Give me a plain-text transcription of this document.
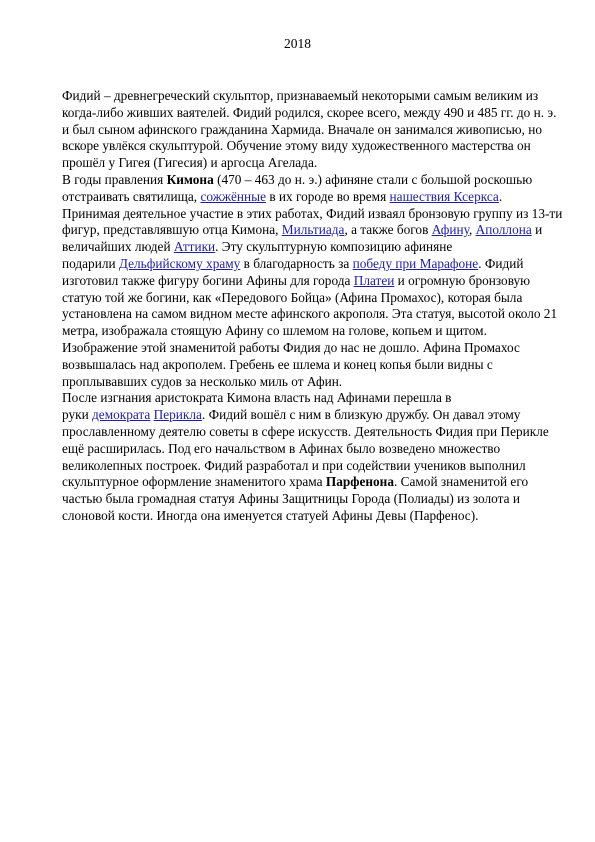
2018
Фидий – древнегреческий скульптор, признаваемый некоторыми самым великим из
когда-либо живших ваятелей. Фидий родился, скорее всего, между 490 и 485 гг. до н. э.
и был сыном афинского гражданина Хармида. Вначале он занимался живописью, но
вскоре увлёкся скульптурой. Обучение этому виду художественного мастерства он
прошёл у Гигея (Гигесия) и аргосца Агелада.
В годы правления Кимона (470 – 463 до н. э.) афиняне стали с большой роскошью
отстраивать святилища, сожжённые в их городе во время нашествия Ксеркса.
Принимая деятельное участие в этих работах, Фидий изваял бронзовую группу из 13-ти
фигур, представлявшую отца Кимона, Мильтиада, а также богов Афину, Аполлона и
величайших людей Аттики. Эту скульптурную композицию афиняне
подарили Дельфийскому храму в благодарность за победу при Марафоне. Фидий
изготовил также фигуру богини Афины для города Платеи и огромную бронзовую
статую той же богини, как «Передового Бойца» (Афина Промахос), которая была
установлена на самом видном месте афинского акрополя. Эта статуя, высотой около 21
метра, изображала стоящую Афину со шлемом на голове, копьем и щитом.
Изображение этой знаменитой работы Фидия до нас не дошло. Афина Промахос
возвышалась над акрополем. Гребень ее шлема и конец копья были видны с
проплывавших судов за несколько миль от Афин.
После изгнания аристократа Кимона власть над Афинами перешла в
руки демократа Перикла. Фидий вошёл с ним в близкую дружбу. Он давал этому
прославленному деятелю советы в сфере искусств. Деятельность Фидия при Перикле
ещё расширилась. Под его начальством в Афинах было возведено множество
великолепных построек. Фидий разработал и при содействии учеников выполнил
скульптурное оформление знаменитого храма Парфенона. Самой знаменитой его
частью была громадная статуя Афины Защитницы Города (Полиады) из золота и
слоновой кости. Иногда она именуется статуей Афины Девы (Парфенос).
